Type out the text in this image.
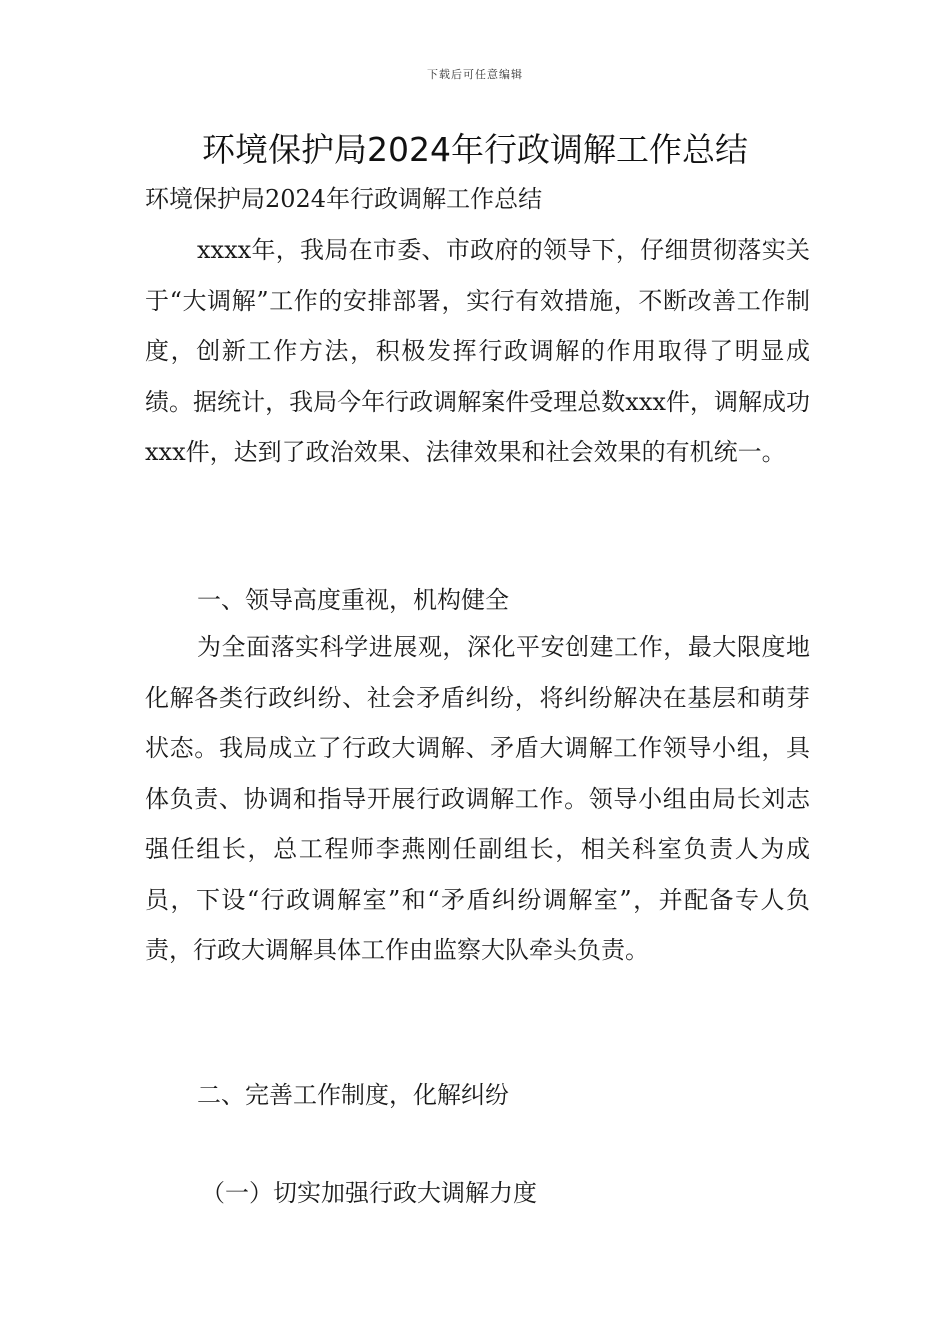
下载后可任意编辑
环境保护局2024年行政调解工作总结

环境保护局2024年行政调解工作总结

xxxx年，我局在市委、市政府的领导下，仔细贯彻落实关于“大调解”工作的安排部署，实行有效措施，不断改善工作制度，创新工作方法，积极发挥行政调解的作用取得了明显成绩。据统计，我局今年行政调解案件受理总数xxx件，调解成功xxx件，达到了政治效果、法律效果和社会效果的有机统一。

一、领导高度重视，机构健全

为全面落实科学进展观，深化平安创建工作，最大限度地化解各类行政纠纷、社会矛盾纠纷，将纠纷解决在基层和萌芽状态。我局成立了行政大调解、矛盾大调解工作领导小组，具体负责、协调和指导开展行政调解工作。领导小组由局长刘志强任组长，总工程师李燕刚任副组长，相关科室负责人为成员，下设“行政调解室”和“矛盾纠纷调解室”，并配备专人负责，行政大调解具体工作由监察大队牵头负责。

二、完善工作制度，化解纠纷

（一）切实加强行政大调解力度
